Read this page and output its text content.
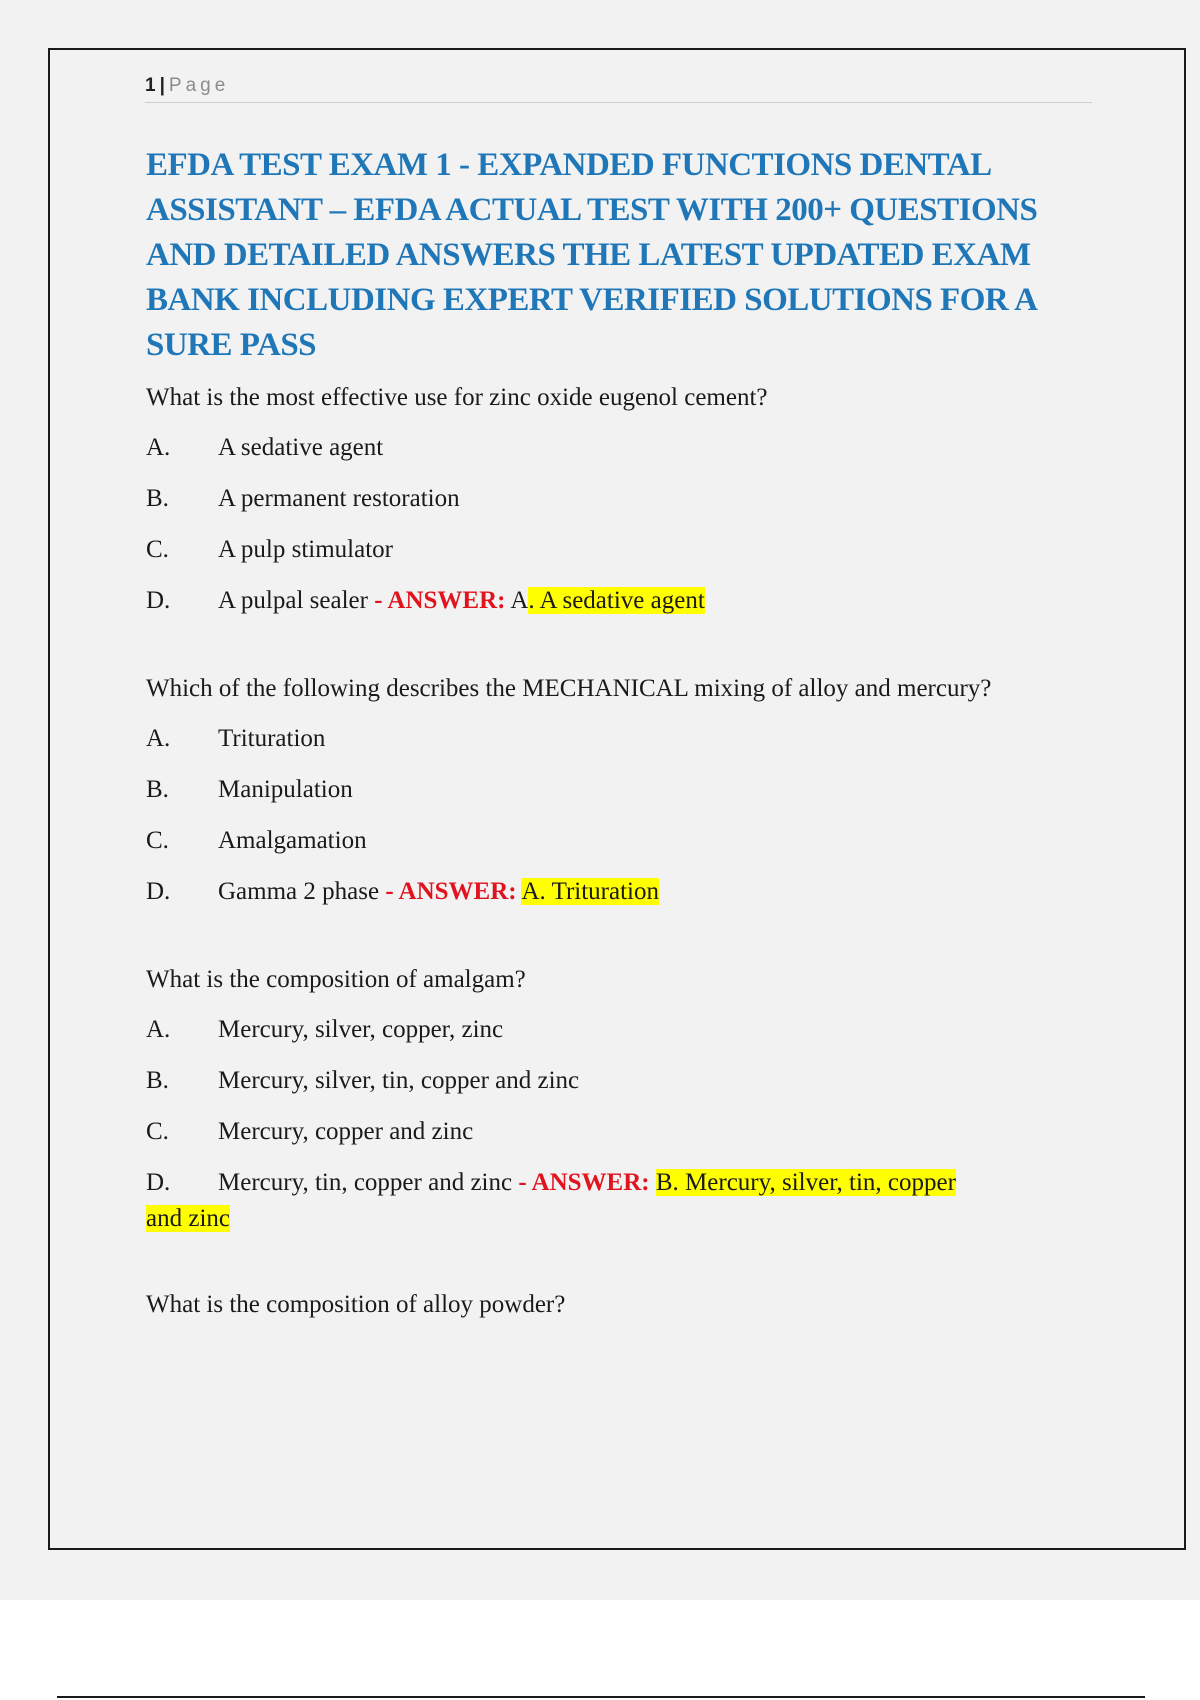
1 | Page
EFDA TEST EXAM 1 - EXPANDED FUNCTIONS DENTAL ASSISTANT – EFDA ACTUAL TEST WITH 200+ QUESTIONS AND DETAILED ANSWERS THE LATEST UPDATED EXAM BANK INCLUDING EXPERT VERIFIED SOLUTIONS FOR A SURE PASS
What is the most effective use for zinc oxide eugenol cement?
A.	A sedative agent
B.	A permanent restoration
C.	A pulp stimulator
D.	A pulpal sealer - ANSWER: A. A sedative agent
Which of the following describes the MECHANICAL mixing of alloy and mercury?
A.	Trituration
B.	Manipulation
C.	Amalgamation
D.	Gamma 2 phase - ANSWER: A. Trituration
What is the composition of amalgam?
A.	Mercury, silver, copper, zinc
B.	Mercury, silver, tin, copper and zinc
C.	Mercury, copper and zinc
D.	Mercury, tin, copper and zinc - ANSWER: B. Mercury, silver, tin, copper
and zinc
What is the composition of alloy powder?
